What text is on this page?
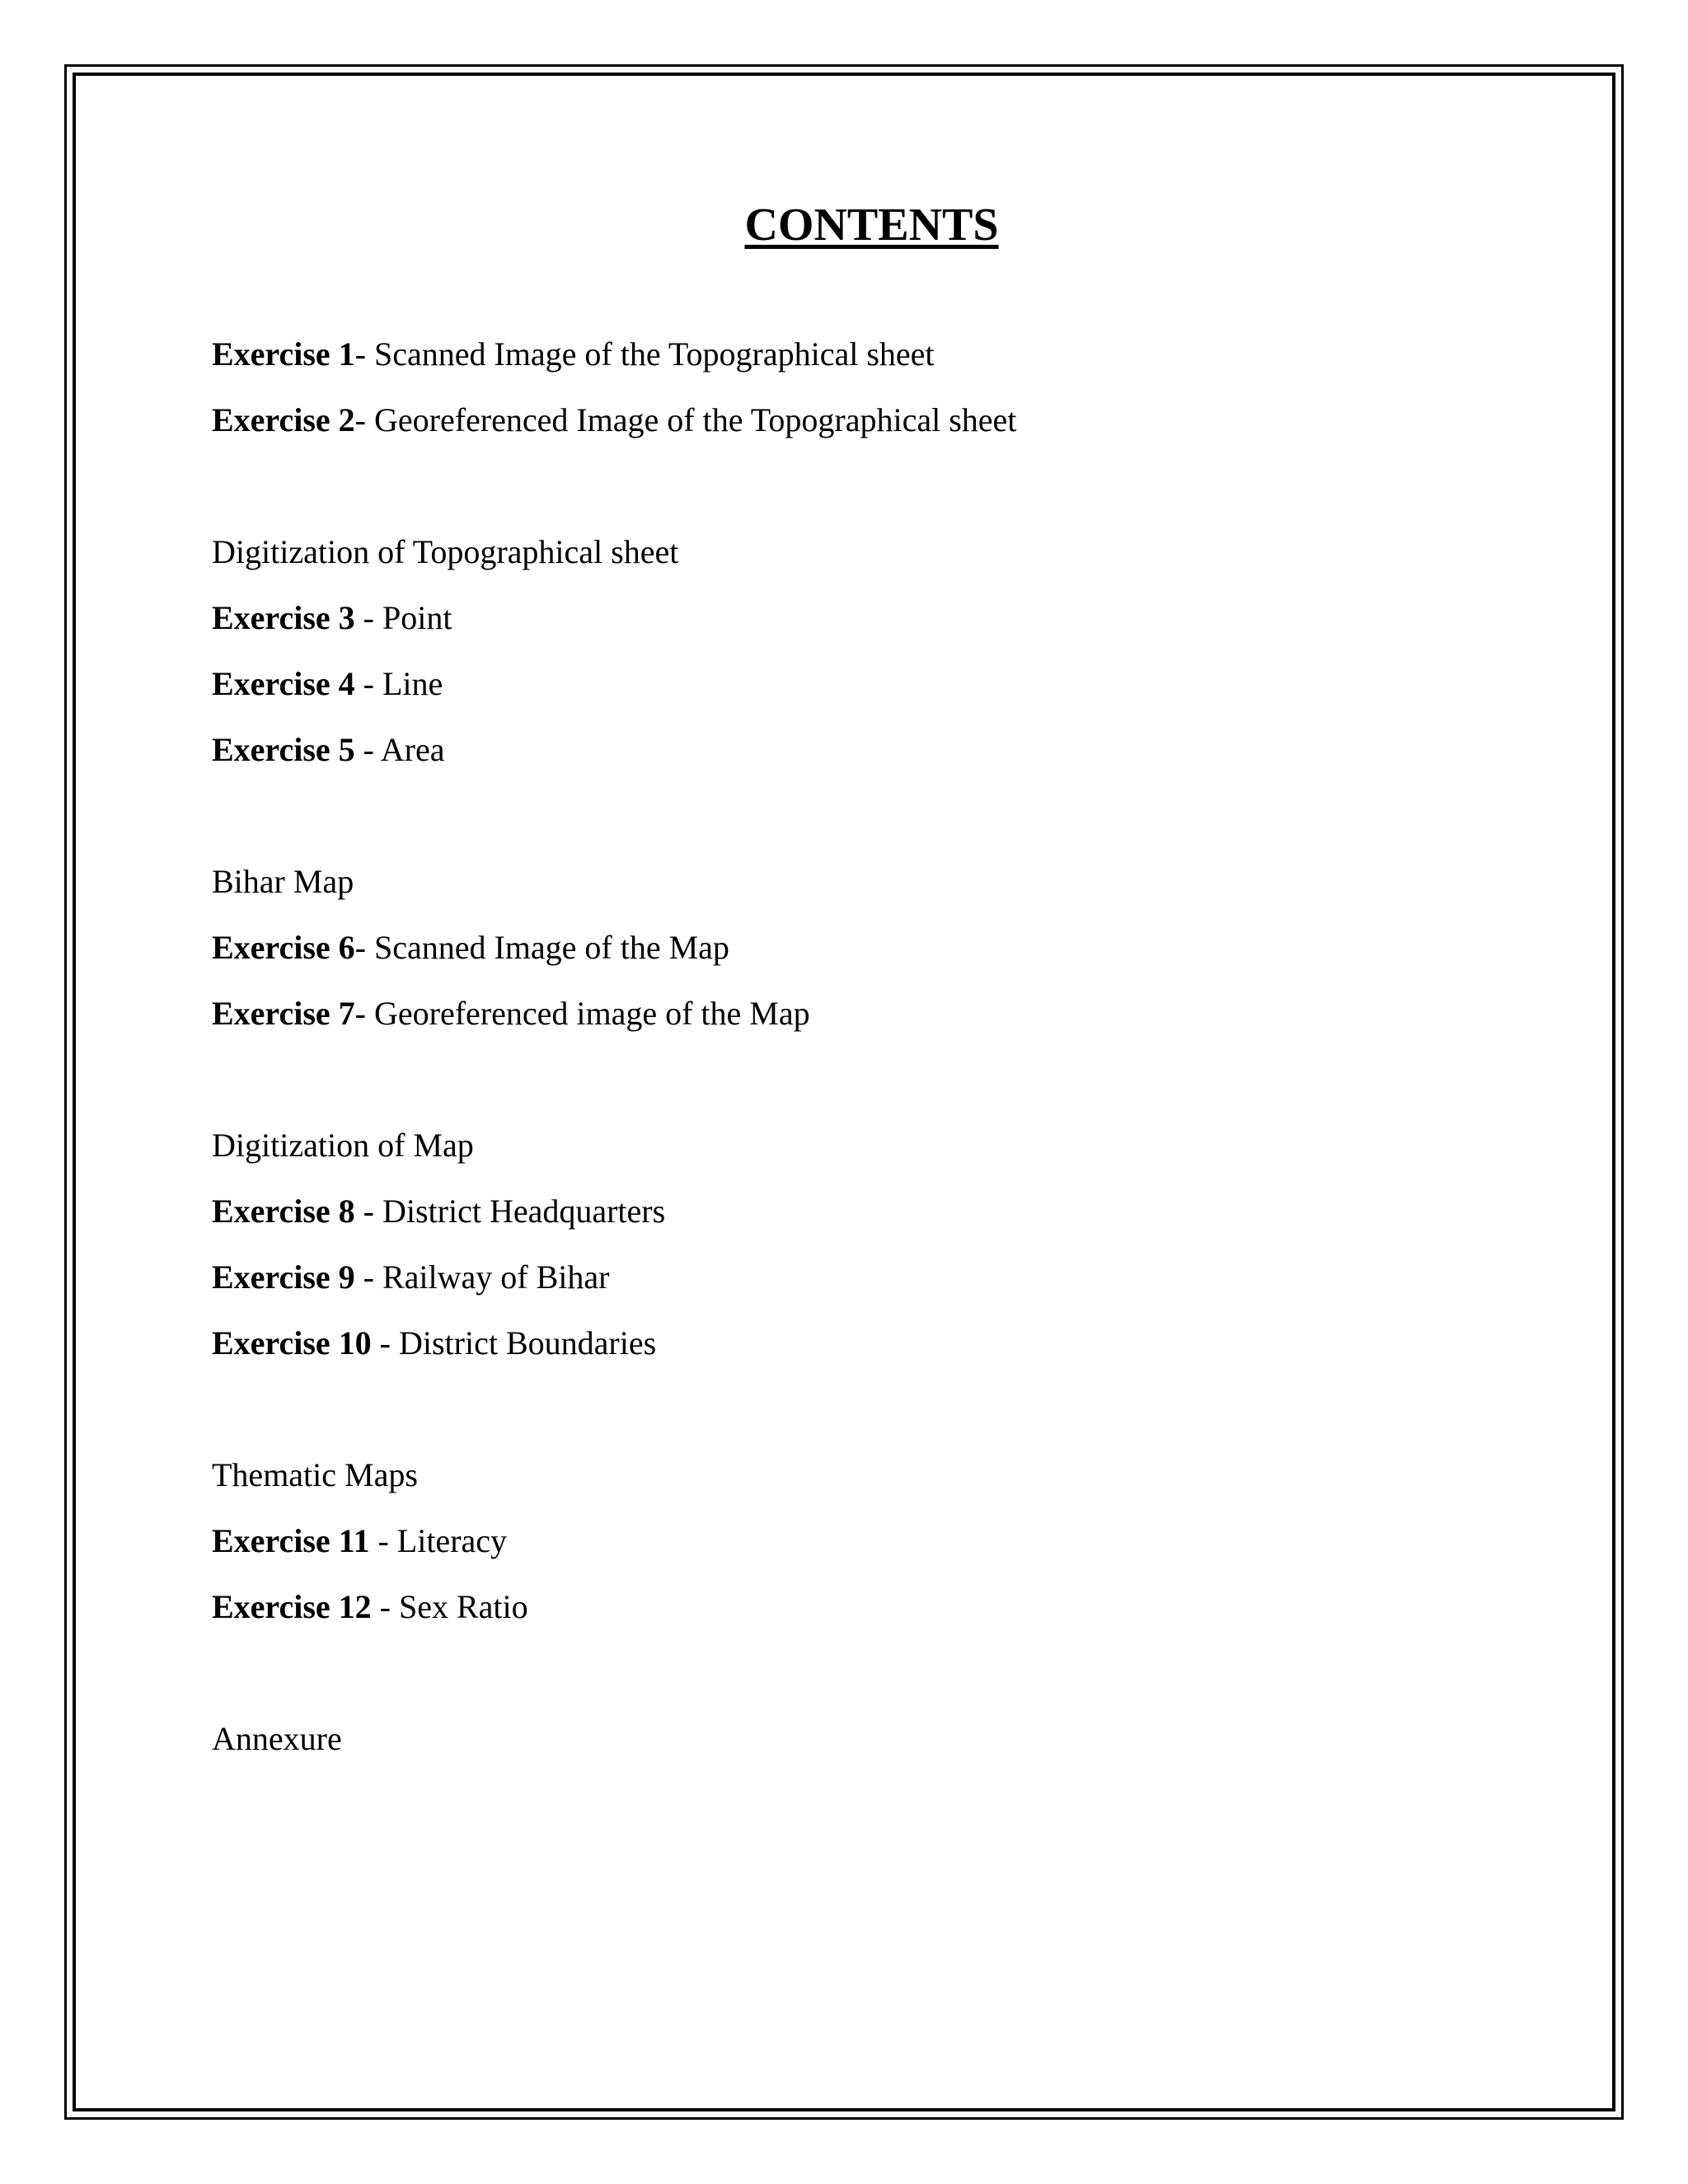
CONTENTS
Exercise 1- Scanned Image of the Topographical sheet
Exercise 2- Georeferenced Image of the Topographical sheet
Digitization of Topographical sheet
Exercise 3 - Point
Exercise 4 - Line
Exercise 5 - Area
Bihar Map
Exercise 6- Scanned Image of the Map
Exercise 7- Georeferenced image of the Map
Digitization of Map
Exercise 8 - District Headquarters
Exercise 9 - Railway of Bihar
Exercise 10 - District Boundaries
Thematic Maps
Exercise 11 - Literacy
Exercise 12 - Sex Ratio
Annexure
